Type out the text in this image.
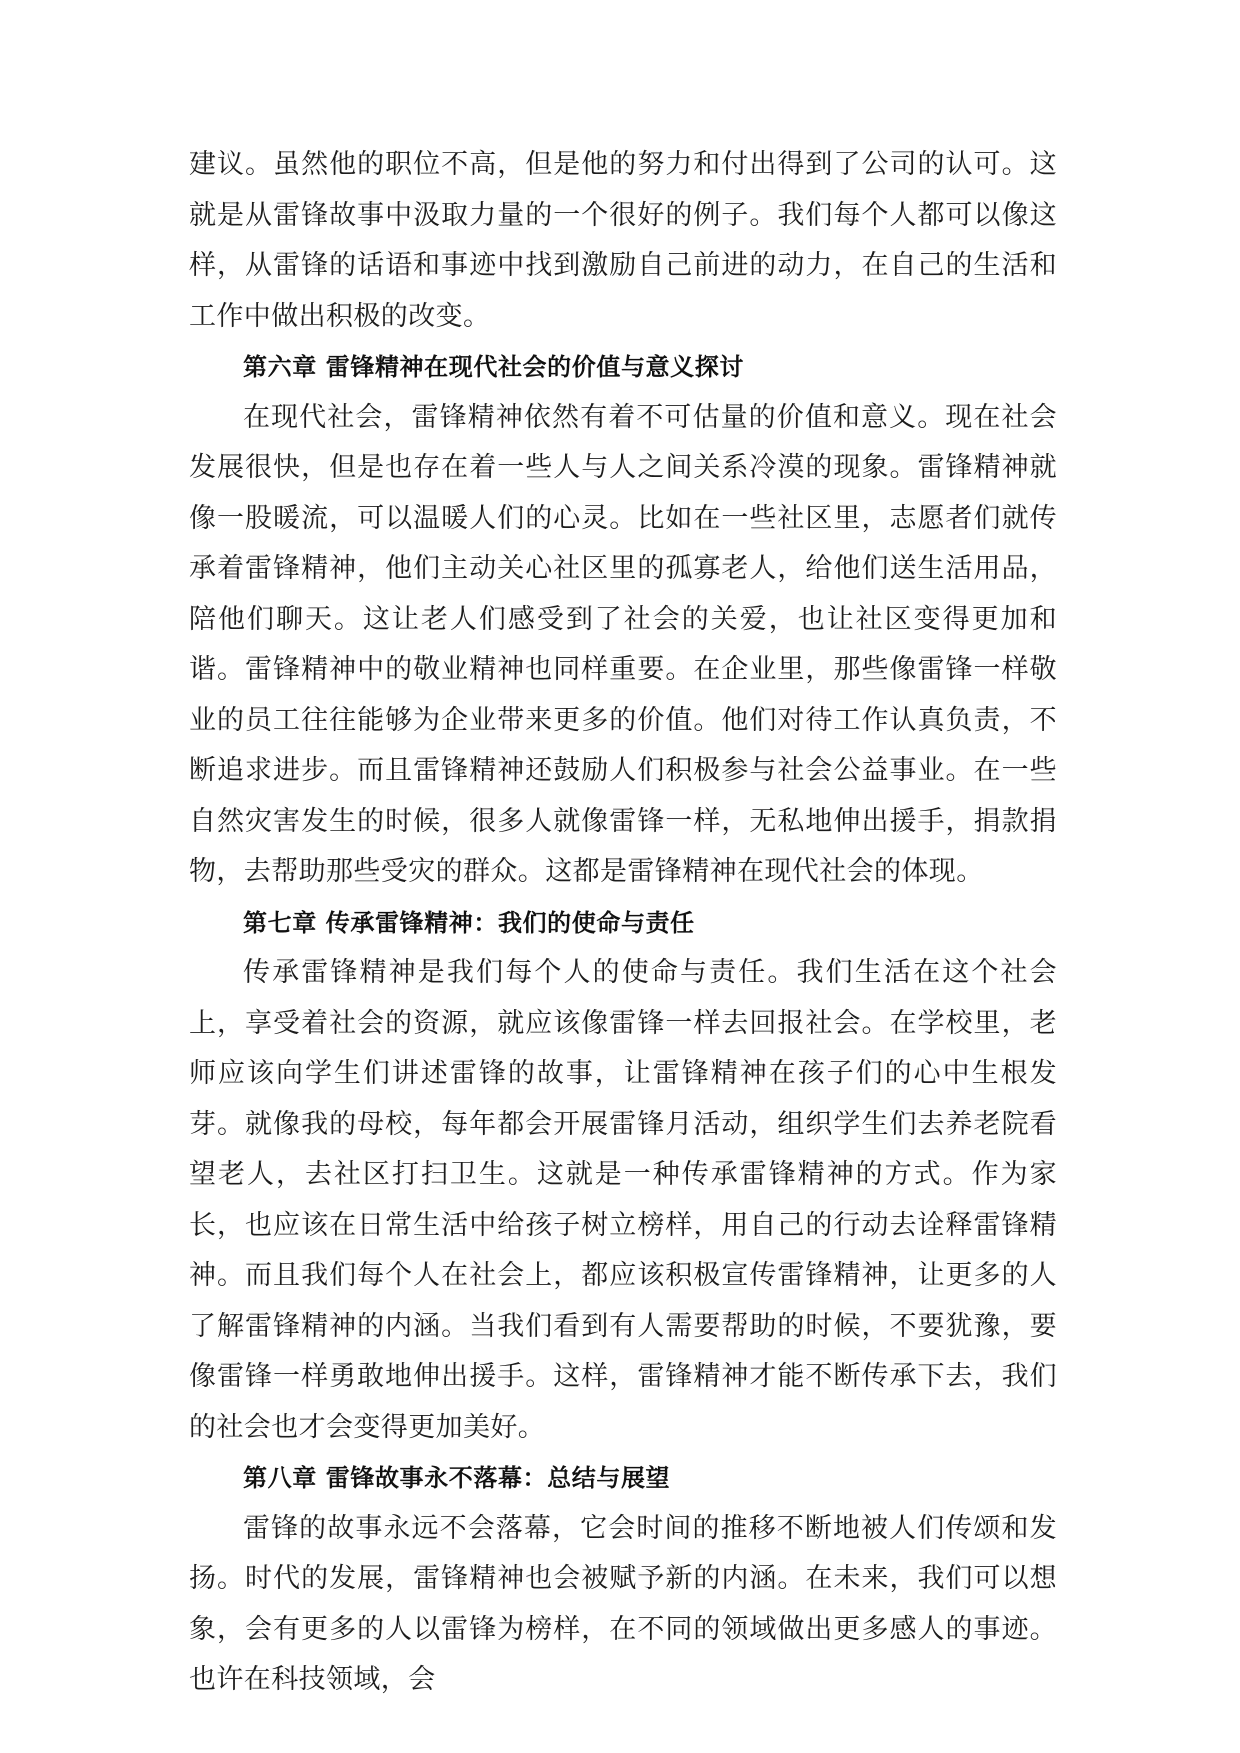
建议。虽然他的职位不高，但是他的努力和付出得到了公司的认可。这就是从雷锋故事中汲取力量的一个很好的例子。我们每个人都可以像这样，从雷锋的话语和事迹中找到激励自己前进的动力，在自己的生活和工作中做出积极的改变。

第六章 雷锋精神在现代社会的价值与意义探讨

在现代社会，雷锋精神依然有着不可估量的价值和意义。现在社会发展很快，但是也存在着一些人与人之间关系冷漠的现象。雷锋精神就像一股暖流，可以温暖人们的心灵。比如在一些社区里，志愿者们就传承着雷锋精神，他们主动关心社区里的孤寡老人，给他们送生活用品，陪他们聊天。这让老人们感受到了社会的关爱，也让社区变得更加和谐。雷锋精神中的敬业精神也同样重要。在企业里，那些像雷锋一样敬业的员工往往能够为企业带来更多的价值。他们对待工作认真负责，不断追求进步。而且雷锋精神还鼓励人们积极参与社会公益事业。在一些自然灾害发生的时候，很多人就像雷锋一样，无私地伸出援手，捐款捐物，去帮助那些受灾的群众。这都是雷锋精神在现代社会的体现。

第七章 传承雷锋精神：我们的使命与责任

传承雷锋精神是我们每个人的使命与责任。我们生活在这个社会上，享受着社会的资源，就应该像雷锋一样去回报社会。在学校里，老师应该向学生们讲述雷锋的故事，让雷锋精神在孩子们的心中生根发芽。就像我的母校，每年都会开展雷锋月活动，组织学生们去养老院看望老人，去社区打扫卫生。这就是一种传承雷锋精神的方式。作为家长，也应该在日常生活中给孩子树立榜样，用自己的行动去诠释雷锋精神。而且我们每个人在社会上，都应该积极宣传雷锋精神，让更多的人了解雷锋精神的内涵。当我们看到有人需要帮助的时候，不要犹豫，要像雷锋一样勇敢地伸出援手。这样，雷锋精神才能不断传承下去，我们的社会也才会变得更加美好。

第八章 雷锋故事永不落幕：总结与展望

雷锋的故事永远不会落幕，它会时间的推移不断地被人们传颂和发扬。时代的发展，雷锋精神也会被赋予新的内涵。在未来，我们可以想象，会有更多的人以雷锋为榜样，在不同的领域做出更多感人的事迹。也许在科技领域，会
